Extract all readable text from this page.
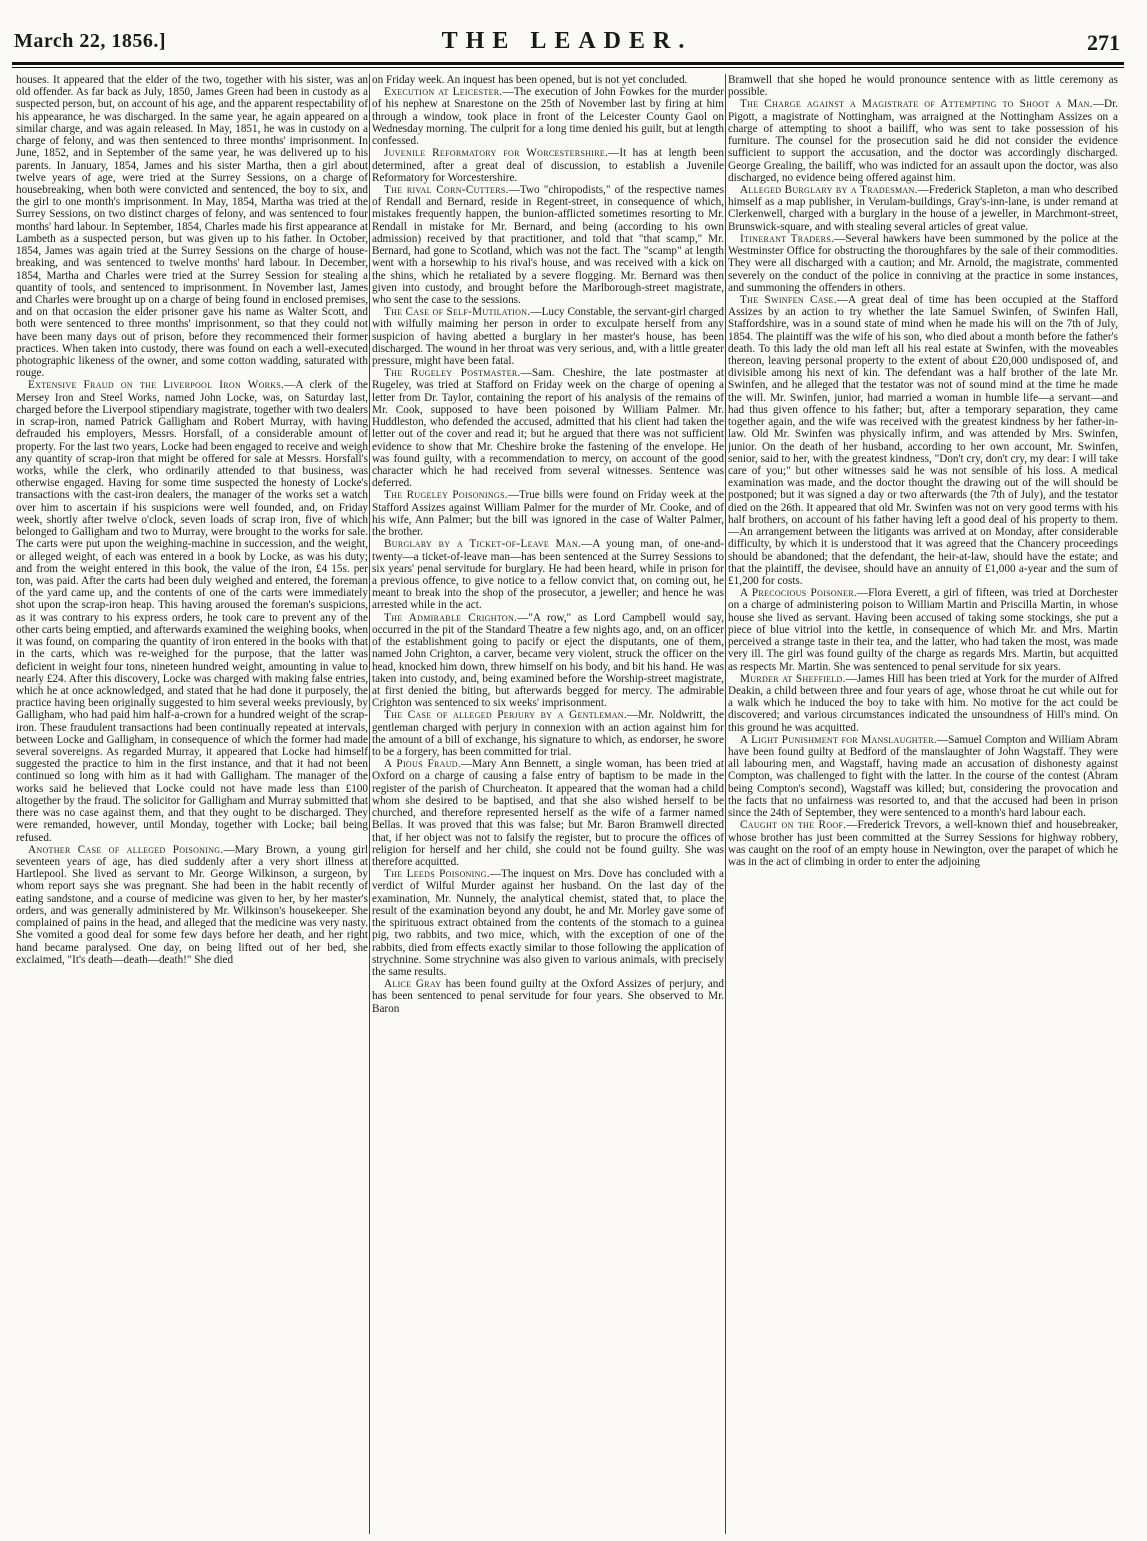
March 22, 1856.]	THE LEADER.	271

houses. It appeared that the elder of the two, together with his sister, was an old offender. As far back as July, 1850, James Green had been in custody as a suspected person, but, on account of his age, and the apparent respectability of his appearance, he was discharged. In the same year, he again appeared on a similar charge, and was again released. In May, 1851, he was in custody on a charge of felony, and was then sentenced to three months' imprisonment. In June, 1852, and in September of the same year, he was delivered up to his parents. In January, 1854, James and his sister Martha, then a girl about twelve years of age, were tried at the Surrey Sessions, on a charge of housebreaking, when both were convicted and sentenced, the boy to six, and the girl to one month's imprisonment. In May, 1854, Martha was tried at the Surrey Sessions, on two distinct charges of felony, and was sentenced to four months' hard labour. In September, 1854, Charles made his first appearance at Lambeth as a suspected person, but was given up to his father. In October, 1854, James was again tried at the Surrey Sessions on the charge of house-breaking, and was sentenced to twelve months' hard labour. In December, 1854, Martha and Charles were tried at the Surrey Session for stealing a quantity of tools, and sentenced to imprisonment. In November last, James and Charles were brought up on a charge of being found in enclosed premises, and on that occasion the elder prisoner gave his name as Walter Scott, and both were sentenced to three months' imprisonment, so that they could not have been many days out of prison, before they recommenced their former practices. When taken into custody, there was found on each a well-executed photographic likeness of the owner, and some cotton wadding, saturated with rouge.

Extensive Fraud on the Liverpool Iron Works.—A clerk of the Mersey Iron and Steel Works, named John Locke, was, on Saturday last, charged before the Liverpool stipendiary magistrate, together with two dealers in scrap-iron, named Patrick Galligham and Robert Murray, with having defrauded his employers, Messrs. Horsfall, of a considerable amount of property. For the last two years, Locke had been engaged to receive and weigh any quantity of scrap-iron that might be offered for sale at Messrs. Horsfall's works, while the clerk, who ordinarily attended to that business, was otherwise engaged. Having for some time suspected the honesty of Locke's transactions with the cast-iron dealers, the manager of the works set a watch over him to ascertain if his suspicions were well founded, and, on Friday week, shortly after twelve o'clock, seven loads of scrap iron, five of which belonged to Galligham and two to Murray, were brought to the works for sale. The carts were put upon the weighing-machine in succession, and the weight, or alleged weight, of each was entered in a book by Locke, as was his duty; and from the weight entered in this book, the value of the iron, £4 15s. per ton, was paid. After the carts had been duly weighed and entered, the foreman of the yard came up, and the contents of one of the carts were immediately shot upon the scrap-iron heap. This having aroused the foreman's suspicions, as it was contrary to his express orders, he took care to prevent any of the other carts being emptied, and afterwards examined the weighing books, when it was found, on comparing the quantity of iron entered in the books with that in the carts, which was re-weighed for the purpose, that the latter was deficient in weight four tons, nineteen hundred weight, amounting in value to nearly £24. After this discovery, Locke was charged with making false entries, which he at once acknowledged, and stated that he had done it purposely, the practice having been originally suggested to him several weeks previously, by Galligham, who had paid him half-a-crown for a hundred weight of the scrap-iron. These fraudulent transactions had been continually repeated at intervals, between Locke and Galligham, in consequence of which the former had made several sovereigns. As regarded Murray, it appeared that Locke had himself suggested the practice to him in the first instance, and that it had not been continued so long with him as it had with Galligham. The manager of the works said he believed that Locke could not have made less than £100 altogether by the fraud. The solicitor for Galligham and Murray submitted that there was no case against them, and that they ought to be discharged. They were remanded, however, until Monday, together with Locke; bail being refused.

Another Case of alleged Poisoning.—Mary Brown, a young girl seventeen years of age, has died suddenly after a very short illness at Hartlepool. She lived as servant to Mr. George Wilkinson, a surgeon, by whom report says she was pregnant. She had been in the habit recently of eating sandstone, and a course of medicine was given to her, by her master's orders, and was generally administered by Mr. Wilkinson's housekeeper. She complained of pains in the head, and alleged that the medicine was very nasty. She vomited a good deal for some few days before her death, and her right hand became paralysed. One day, on being lifted out of her bed, she exclaimed, "It's death—death—death!" She died

on Friday week. An inquest has been opened, but is not yet concluded.

Execution at Leicester.—The execution of John Fowkes for the murder of his nephew at Snarestone on the 25th of November last by firing at him through a window, took place in front of the Leicester County Gaol on Wednesday morning. The culprit for a long time denied his guilt, but at length confessed.

Juvenile Reformatory for Worcestershire.—It has at length been determined, after a great deal of discussion, to establish a Juvenile Reformatory for Worcestershire.

The rival Corn-Cutters.—Two "chiropodists," of the respective names of Rendall and Bernard, reside in Regent-street, in consequence of which, mistakes frequently happen, the bunion-afflicted sometimes resorting to Mr. Rendall in mistake for Mr. Bernard, and being (according to his own admission) received by that practitioner, and told that "that scamp," Mr. Bernard, had gone to Scotland, which was not the fact. The "scamp" at length went with a horsewhip to his rival's house, and was received with a kick on the shins, which he retaliated by a severe flogging. Mr. Bernard was then given into custody, and brought before the Marlborough-street magistrate, who sent the case to the sessions.

The Case of Self-Mutilation.—Lucy Constable, the servant-girl charged with wilfully maiming her person in order to exculpate herself from any suspicion of having abetted a burglary in her master's house, has been discharged. The wound in her throat was very serious, and, with a little greater pressure, might have been fatal.

The Rugeley Postmaster.—Sam. Cheshire, the late postmaster at Rugeley, was tried at Stafford on Friday week on the charge of opening a letter from Dr. Taylor, containing the report of his analysis of the remains of Mr. Cook, supposed to have been poisoned by William Palmer. Mr. Huddleston, who defended the accused, admitted that his client had taken the letter out of the cover and read it; but he argued that there was not sufficient evidence to show that Mr. Cheshire broke the fastening of the envelope. He was found guilty, with a recommendation to mercy, on account of the good character which he had received from several witnesses. Sentence was deferred.

The Rugeley Poisonings.—True bills were found on Friday week at the Stafford Assizes against William Palmer for the murder of Mr. Cooke, and of his wife, Ann Palmer; but the bill was ignored in the case of Walter Palmer, the brother.

Burglary by a Ticket-of-Leave Man.—A young man, of one-and-twenty—a ticket-of-leave man—has been sentenced at the Surrey Sessions to six years' penal servitude for burglary. He had been heard, while in prison for a previous offence, to give notice to a fellow convict that, on coming out, he meant to break into the shop of the prosecutor, a jeweller; and hence he was arrested while in the act.

The Admirable Crighton.—"A row," as Lord Campbell would say, occurred in the pit of the Standard Theatre a few nights ago, and, on an officer of the establishment going to pacify or eject the disputants, one of them, named John Crighton, a carver, became very violent, struck the officer on the head, knocked him down, threw himself on his body, and bit his hand. He was taken into custody, and, being examined before the Worship-street magistrate, at first denied the biting, but afterwards begged for mercy. The admirable Crighton was sentenced to six weeks' imprisonment.

The Case of alleged Perjury by a Gentleman.—Mr. Noldwritt, the gentleman charged with perjury in connexion with an action against him for the amount of a bill of exchange, his signature to which, as endorser, he swore to be a forgery, has been committed for trial.

A Pious Fraud.—Mary Ann Bennett, a single woman, has been tried at Oxford on a charge of causing a false entry of baptism to be made in the register of the parish of Churcheaton. It appeared that the woman had a child whom she desired to be baptised, and that she also wished herself to be churched, and therefore represented herself as the wife of a farmer named Bellas. It was proved that this was false; but Mr. Baron Bramwell directed that, if her object was not to falsify the register, but to procure the offices of religion for herself and her child, she could not be found guilty. She was therefore acquitted.

The Leeds Poisoning.—The inquest on Mrs. Dove has concluded with a verdict of Wilful Murder against her husband. On the last day of the examination, Mr. Nunnely, the analytical chemist, stated that, to place the result of the examination beyond any doubt, he and Mr. Morley gave some of the spirituous extract obtained from the contents of the stomach to a guinea pig, two rabbits, and two mice, which, with the exception of one of the rabbits, died from effects exactly similar to those following the application of strychnine. Some strychnine was also given to various animals, with precisely the same results.

Alice Gray has been found guilty at the Oxford Assizes of perjury, and has been sentenced to penal servitude for four years. She observed to Mr. Baron

Bramwell that she hoped he would pronounce sentence with as little ceremony as possible.

The Charge against a Magistrate of Attempting to Shoot a Man.—Dr. Pigott, a magistrate of Nottingham, was arraigned at the Nottingham Assizes on a charge of attempting to shoot a bailiff, who was sent to take possession of his furniture. The counsel for the prosecution said he did not consider the evidence sufficient to support the accusation, and the doctor was accordingly discharged. George Grealing, the bailiff, who was indicted for an assault upon the doctor, was also discharged, no evidence being offered against him.

Alleged Burglary by a Tradesman.—Frederick Stapleton, a man who described himself as a map publisher, in Verulam-buildings, Gray's-inn-lane, is under remand at Clerkenwell, charged with a burglary in the house of a jeweller, in Marchmont-street, Brunswick-square, and with stealing several articles of great value.

Itinerant Traders.—Several hawkers have been summoned by the police at the Westminster Office for obstructing the thoroughfares by the sale of their commodities. They were all discharged with a caution; and Mr. Arnold, the magistrate, commented severely on the conduct of the police in conniving at the practice in some instances, and summoning the offenders in others.

The Swinfen Case.—A great deal of time has been occupied at the Stafford Assizes by an action to try whether the late Samuel Swinfen, of Swinfen Hall, Staffordshire, was in a sound state of mind when he made his will on the 7th of July, 1854. The plaintiff was the wife of his son, who died about a month before the father's death. To this lady the old man left all his real estate at Swinfen, with the moveables thereon, leaving personal property to the extent of about £20,000 undisposed of, and divisible among his next of kin. The defendant was a half brother of the late Mr. Swinfen, and he alleged that the testator was not of sound mind at the time he made the will. Mr. Swinfen, junior, had married a woman in humble life—a servant—and had thus given offence to his father; but, after a temporary separation, they came together again, and the wife was received with the greatest kindness by her father-in-law. Old Mr. Swinfen was physically infirm, and was attended by Mrs. Swinfen, junior. On the death of her husband, according to her own account, Mr. Swinfen, senior, said to her, with the greatest kindness, "Don't cry, don't cry, my dear: I will take care of you;" but other witnesses said he was not sensible of his loss. A medical examination was made, and the doctor thought the drawing out of the will should be postponed; but it was signed a day or two afterwards (the 7th of July), and the testator died on the 26th. It appeared that old Mr. Swinfen was not on very good terms with his half brothers, on account of his father having left a good deal of his property to them.—An arrangement between the litigants was arrived at on Monday, after considerable difficulty, by which it is understood that it was agreed that the Chancery proceedings should be abandoned; that the defendant, the heir-at-law, should have the estate; and that the plaintiff, the devisee, should have an annuity of £1,000 a-year and the sum of £1,200 for costs.

A Precocious Poisoner.—Flora Everett, a girl of fifteen, was tried at Dorchester on a charge of administering poison to William Martin and Priscilla Martin, in whose house she lived as servant. Having been accused of taking some stockings, she put a piece of blue vitriol into the kettle, in consequence of which Mr. and Mrs. Martin perceived a strange taste in their tea, and the latter, who had taken the most, was made very ill. The girl was found guilty of the charge as regards Mrs. Martin, but acquitted as respects Mr. Martin. She was sentenced to penal servitude for six years.

Murder at Sheffield.—James Hill has been tried at York for the murder of Alfred Deakin, a child between three and four years of age, whose throat he cut while out for a walk which he induced the boy to take with him. No motive for the act could be discovered; and various circumstances indicated the unsoundness of Hill's mind. On this ground he was acquitted.

A Light Punishment for Manslaughter.—Samuel Compton and William Abram have been found guilty at Bedford of the manslaughter of John Wagstaff. They were all labouring men, and Wagstaff, having made an accusation of dishonesty against Compton, was challenged to fight with the latter. In the course of the contest (Abram being Compton's second), Wagstaff was killed; but, considering the provocation and the facts that no unfairness was resorted to, and that the accused had been in prison since the 24th of September, they were sentenced to a month's hard labour each.

Caught on the Roof.—Frederick Trevors, a well-known thief and housebreaker, whose brother has just been committed at the Surrey Sessions for highway robbery, was caught on the roof of an empty house in Newington, over the parapet of which he was in the act of climbing in order to enter the adjoining
